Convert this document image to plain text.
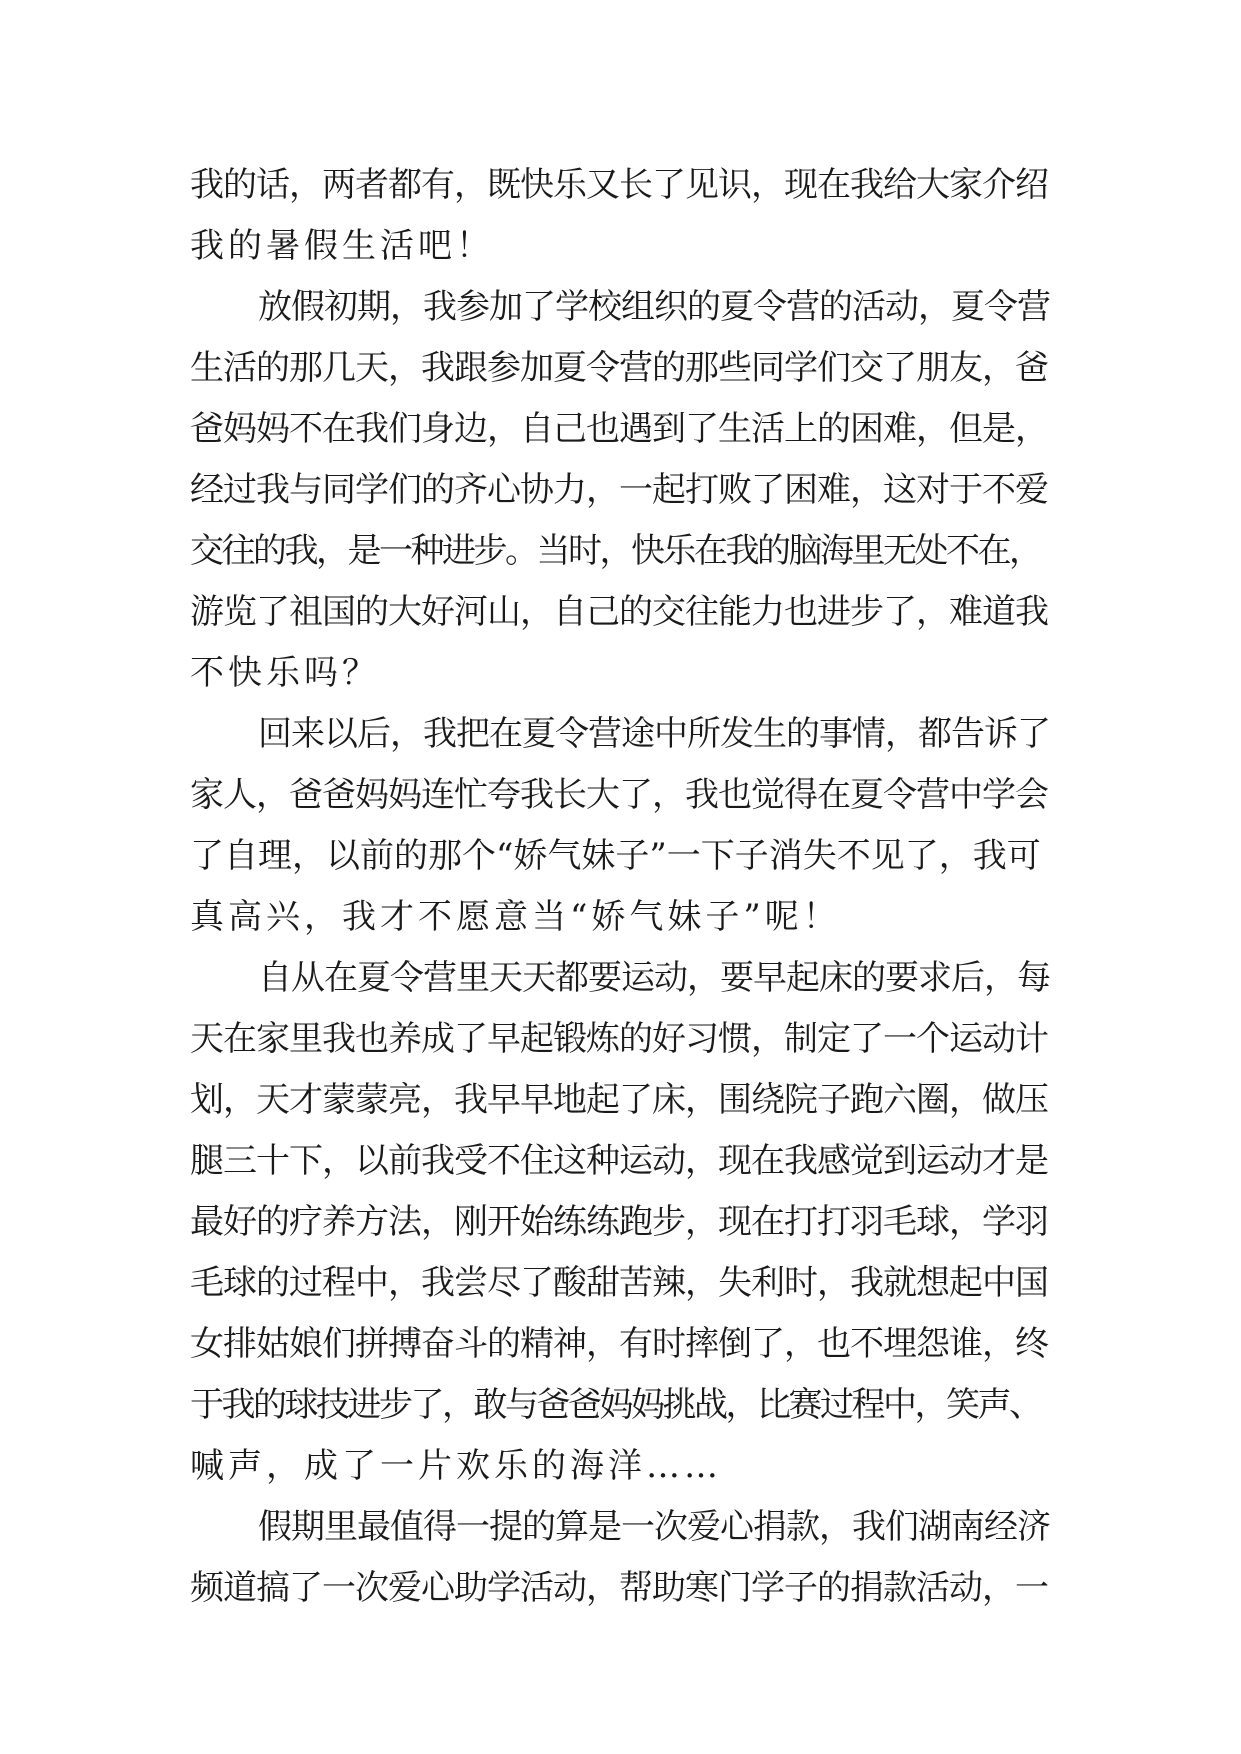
我的话，两者都有，既快乐又长了见识，现在我给大家介绍
我的暑假生活吧！
放假初期，我参加了学校组织的夏令营的活动，夏令营
生活的那几天，我跟参加夏令营的那些同学们交了朋友，爸
爸妈妈不在我们身边，自己也遇到了生活上的困难，但是，
经过我与同学们的齐心协力，一起打败了困难，这对于不爱
交往的我，是一种进步。当时，快乐在我的脑海里无处不在，
游览了祖国的大好河山，自己的交往能力也进步了，难道我
不快乐吗？
回来以后，我把在夏令营途中所发生的事情，都告诉了
家人，爸爸妈妈连忙夸我长大了，我也觉得在夏令营中学会
了自理，以前的那个“娇气妹子”一下子消失不见了，我可
真高兴，我才不愿意当“娇气妹子”呢！
自从在夏令营里天天都要运动，要早起床的要求后，每
天在家里我也养成了早起锻炼的好习惯，制定了一个运动计
划，天才蒙蒙亮，我早早地起了床，围绕院子跑六圈，做压
腿三十下，以前我受不住这种运动，现在我感觉到运动才是
最好的疗养方法，刚开始练练跑步，现在打打羽毛球，学羽
毛球的过程中，我尝尽了酸甜苦辣，失利时，我就想起中国
女排姑娘们拼搏奋斗的精神，有时摔倒了，也不埋怨谁，终
于我的球技进步了，敢与爸爸妈妈挑战，比赛过程中，笑声、
喊声，成了一片欢乐的海洋……
假期里最值得一提的算是一次爱心捐款，我们湖南经济
频道搞了一次爱心助学活动，帮助寒门学子的捐款活动，一
